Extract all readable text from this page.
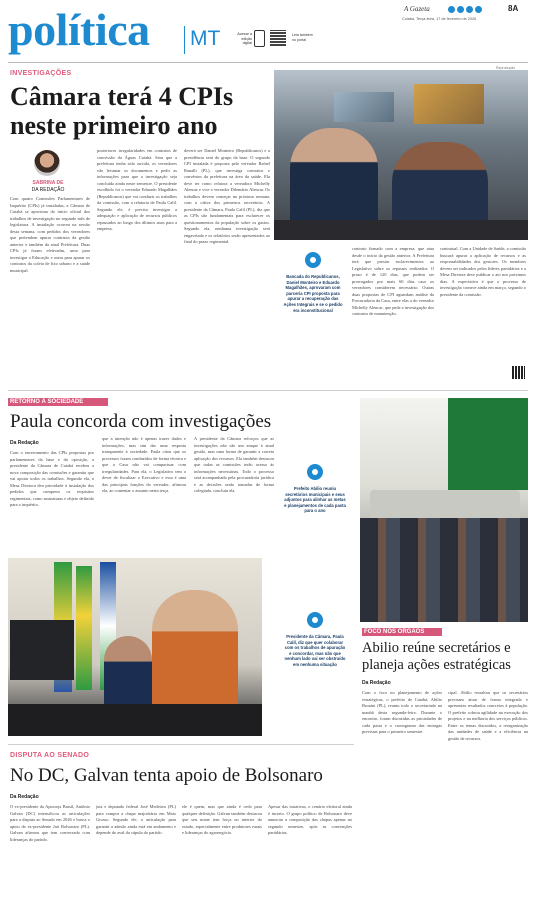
política MT	Acesse a edição digital
Leia também no portal
A Gazeta	8A
Cuiabá, Terça-feira, 17 de fevereiro de 2026
INVESTIGAÇÕES
Câmara terá 4 CPIs
neste primeiro ano
SABRINA DE
DA REDAÇÃO
Com quatro Comissões Parlamentares de Inquérito (CPIs) já instaladas, a Câmara de Cuiabá se aproxima do início oficial dos trabalhos de investigação no segundo mês de legislatura. A instalação ocorreu na sessão desta semana, com pedidos dos vereadores que pretendem apurar contratos da gestão anterior e também da atual Prefeitura. Duas CPIs já foram efetivadas, uma para investigar a Educação e outra para apurar os contratos da coleta de lixo urbano e a saúde municipal.
posteriores irregularidades em contratos de concessão da Águas Cuiabá. Sem que a prefeitura tenha sido ouvida, os vereadores vão levantar os documentos e pedir as informações para que a investigação seja concluída ainda neste semestre. O presidente escolhido foi o vereador Eduardo Magalhães (Republicanos) que vai conduzir os trabalhos da comissão, com a relatoria de Paula Calil. Segundo ele, é preciso investigar a adequação e aplicação de recursos públicos repassados ao longo dos últimos anos para a empresa.
deverá ser Daniel Monteiro (Republicanos) e a presidência será do grupo da base. O segundo CPI instalada é proposta pelo vereador Rafael Ranalli (PL), que investiga contratos e convênios da prefeitura na área da saúde. Ela deve ter como relatora a vereadora Michelly Alencar e vice o vereador Dilemário Alencar. Os trabalhos devem começar na próxima semana, com a oitiva dos primeiros secretários. A presidente da Câmara, Paula Calil (PL), diz que as CPIs são fundamentais para esclarecer os questionamentos da população sobre os gastos. Segundo ela, nenhuma investigação será engavetada e os relatórios serão apresentados ao final do prazo regimental.
Reprodução
Bancada do Republicanos, Daniel Monteiro e Eduardo Magalhães, aprovaram com parceria CPI proposta para apurar a recuperação das Ações Integrais e se o pedido era inconstitucional
contrato firmado com a empresa, que atua desde o início da gestão anterior. A Prefeitura terá que prestar esclarecimentos ao Legislativo sobre os repasses realizados. O prazo é de 120 dias, que podem ser prorrogados por mais 60 dias caso os vereadores considerem necessário. Outras duas propostas de CPI aguardam análise da Procuradoria da Casa, entre elas a do vereador Michelly Alencar, que pede a investigação dos contratos de manutenção.
contratual. Com a Unidade de Saúde, a comissão buscará apurar a aplicação de recursos e as responsabilidades dos gestores. Os membros devem ser indicados pelos líderes partidários e a Mesa Diretora deve publicar o ato nos próximos dias. A expectativa é que o processo de investigação comece ainda em março, segundo o presidente da comissão.
RETORNO À SOCIEDADE
Paula concorda com investigações
Da Redação
Com o encerramento das CPIs propostas por parlamentares da base e da oposição, a presidente da Câmara de Cuiabá recebeu a nova composição das comissões e garantiu que vai apoiar todos os trabalhos. Segundo ela, a Mesa Diretora deu prioridade à instalação dos pedidos que cumprem os requisitos regimentais, como assinaturas e objeto definido para o inquérito.
que a intenção não é apenas trazer dados e informações, mas sim dar uma resposta transparente à sociedade. Paula citou que os processos foram conduzidos de forma técnica e que a Casa não vai compactuar com irregularidades. Para ela, o Legislativo tem o dever de fiscalizar o Executivo e essa é uma das principais funções do vereador, afirmou ela, ao comentar o assunto nesta terça.
A presidente da Câmara reforçou que as investigações não são um ataque à atual gestão, mas uma forma de garantir a correta aplicação dos recursos. Ela também destacou que todas as comissões terão acesso às informações necessárias. Todo o processo será acompanhado pela procuradoria jurídica e as decisões serão tomadas de forma colegiada, concluiu ela.
Presidente da Câmara, Paula Calil, diz que quer colaborar com os trabalhos de apuração e concordar, mas não que nenhum lado vai ser obstruído em nenhuma situação
Prefeito Abilio reuniu secretários municipais e seus adjuntos para alinhar as metas e planejamentos de cada pasta para o ano
FOCO NOS ÓRGÃOS
Abilio reúne secretários e
planeja ações estratégicas
Da Redação
Com o foco no planejamento de ações estratégicas, o prefeito de Cuiabá, Abilio Brunini (PL), reuniu todo o secretariado na manhã desta segunda-feira. Durante o encontro, foram discutidas as prioridades de cada pasta e o cronograma das entregas previstas para o primeiro semestre.
cipal. Abilio ressaltou que os secretários precisam atuar de forma integrada e apresentar resultados concretos à população. O prefeito cobrou agilidade na execução dos projetos e na melhoria dos serviços públicos. Entre os temas discutidos, a reorganização das unidades de saúde e a eficiência na gestão de recursos.
DISPUTA AO SENADO
No DC, Galvan tenta apoio de Bolsonaro
Da Redação
O ex-presidente da Aprosoja Brasil, Antônio Galvan (DC) intensificou as articulações para a disputa ao Senado em 2026 e busca o apoio do ex-presidente Jair Bolsonaro (PL). Galvan afirmou que tem conversado com lideranças do partido.
juiz e deputado federal José Medeiros (PL) para compor a chapa majoritária em Mato Grosso. Segundo ele, a articulação para garantir a adesão ainda está em andamento e depende do aval da cúpula do partido.
ele é quem, mas que ainda é cedo para qualquer definição. Galvan também destacou que seu nome tem força no interior do estado, especialmente entre produtores rurais e lideranças do agronegócio.
Apesar das tratativas, o cenário eleitoral ainda é incerto. O grupo político de Bolsonaro deve anunciar a composição das chapas apenas no segundo semestre, após as convenções partidárias.
